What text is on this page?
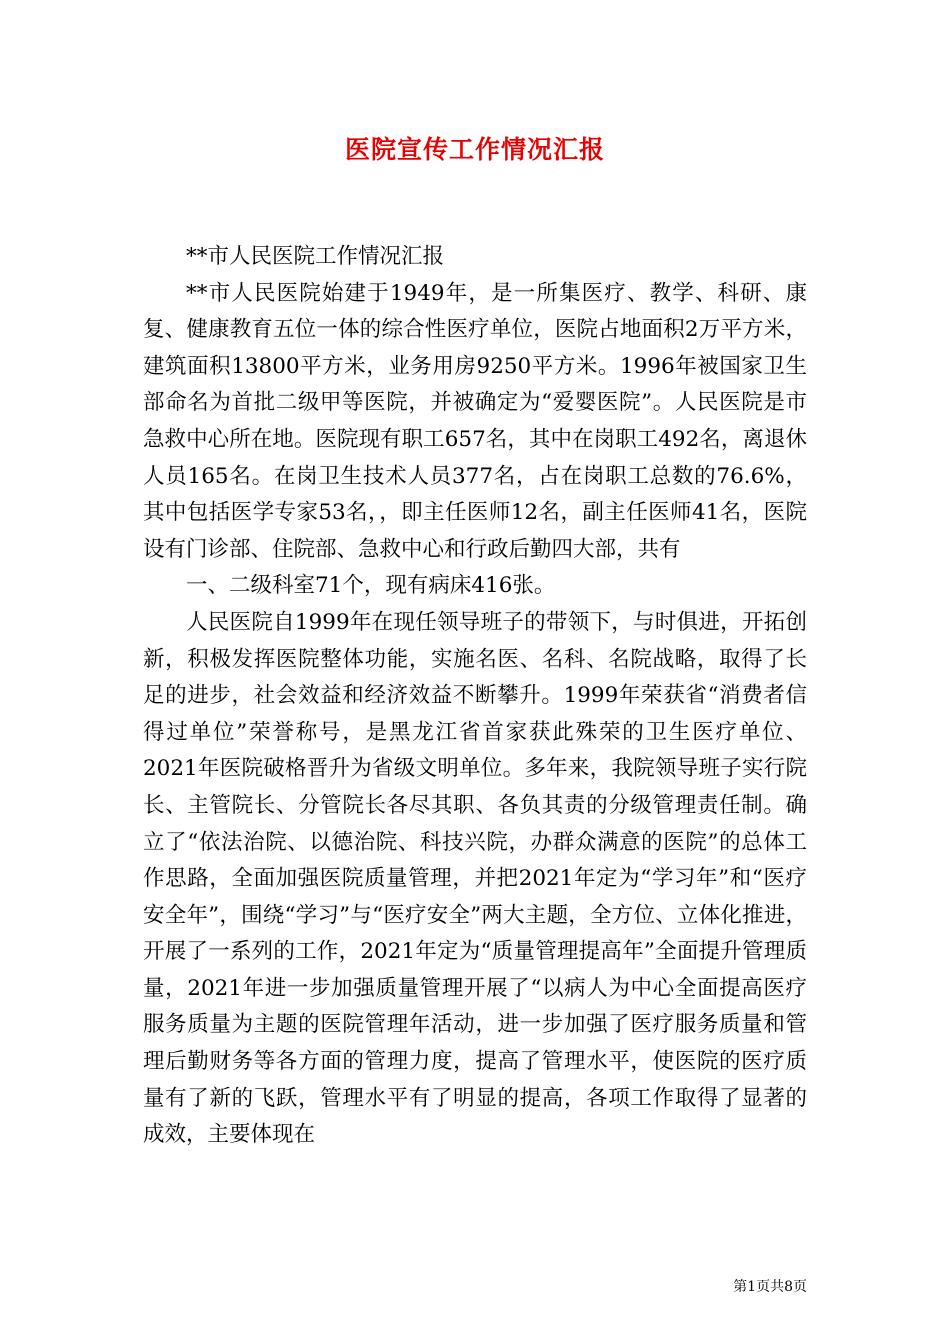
医院宣传工作情况汇报

**市人民医院工作情况汇报

**市人民医院始建于1949年，是一所集医疗、教学、科研、康复、健康教育五位一体的综合性医疗单位，医院占地面积2万平方米，建筑面积13800平方米，业务用房9250平方米。1996年被国家卫生部命名为首批二级甲等医院，并被确定为“爱婴医院”。人民医院是市急救中心所在地。医院现有职工657名，其中在岗职工492名，离退休人员165名。在岗卫生技术人员377名，占在岗职工总数的76.6%，其中包括医学专家53名，，即主任医师12名，副主任医师41名，医院设有门诊部、住院部、急救中心和行政后勤四大部，共有

一、二级科室71个，现有病床416张。

人民医院自1999年在现任领导班子的带领下，与时俱进，开拓创新，积极发挥医院整体功能，实施名医、名科、名院战略，取得了长足的进步，社会效益和经济效益不断攀升。1999年荣获省“消费者信得过单位”荣誉称号，是黑龙江省首家获此殊荣的卫生医疗单位、2021年医院破格晋升为省级文明单位。多年来，我院领导班子实行院长、主管院长、分管院长各尽其职、各负其责的分级管理责任制。确立了“依法治院、以德治院、科技兴院，办群众满意的医院”的总体工作思路，全面加强医院质量管理，并把2021年定为“学习年”和“医疗安全年”，围绕“学习”与“医疗安全”两大主题，全方位、立体化推进，开展了一系列的工作，2021年定为“质量管理提高年”全面提升管理质量，2021年进一步加强质量管理开展了“以病人为中心全面提高医疗服务质量为主题的医院管理年活动，进一步加强了医疗服务质量和管理后勤财务等各方面的管理力度，提高了管理水平，使医院的医疗质量有了新的飞跃，管理水平有了明显的提高，各项工作取得了显著的成效，主要体现在

第1页共8页
